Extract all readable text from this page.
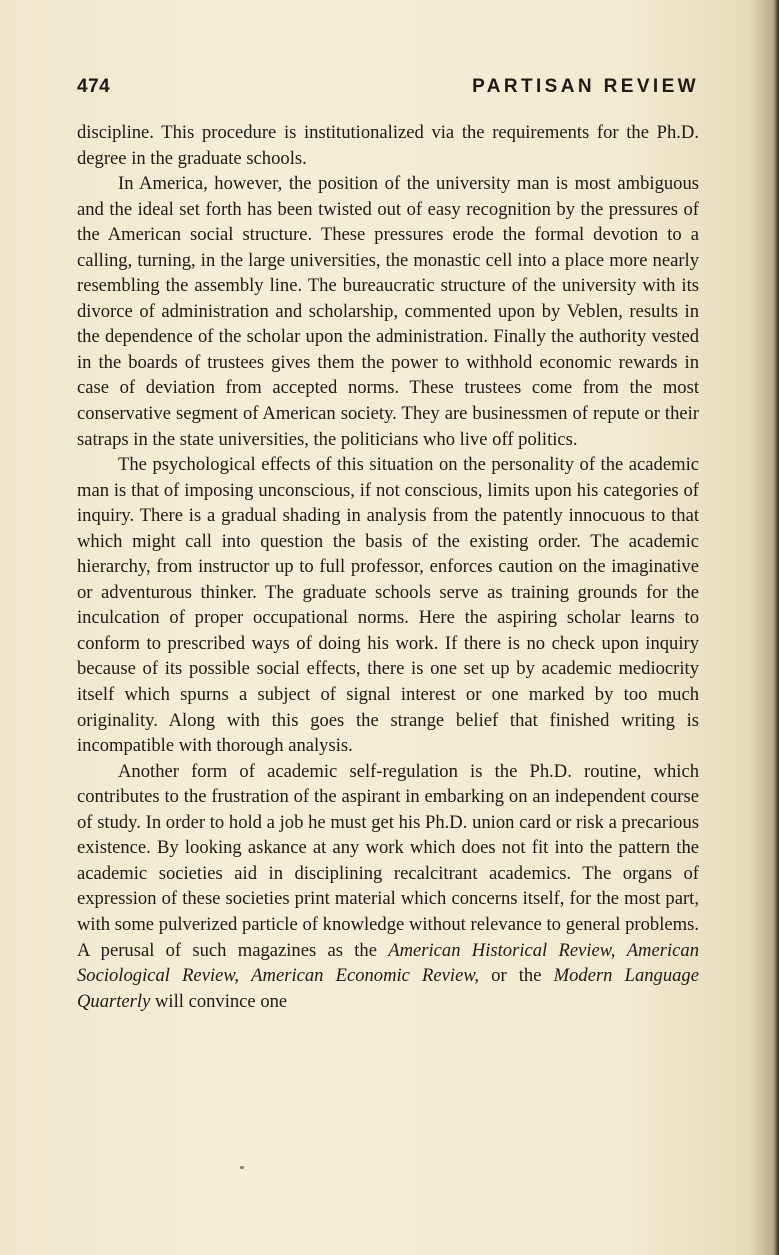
474	PARTISAN REVIEW

discipline. This procedure is institutionalized via the requirements for the Ph.D. degree in the graduate schools.

In America, however, the position of the university man is most ambiguous and the ideal set forth has been twisted out of easy recognition by the pressures of the American social structure. These pressures erode the formal devotion to a calling, turning, in the large universities, the monastic cell into a place more nearly resembling the assembly line. The bureaucratic structure of the university with its divorce of administration and scholarship, commented upon by Veblen, results in the dependence of the scholar upon the administration. Finally the authority vested in the boards of trustees gives them the power to withhold economic rewards in case of deviation from accepted norms. These trustees come from the most conservative segment of American society. They are businessmen of repute or their satraps in the state universities, the politicians who live off politics.

The psychological effects of this situation on the personality of the academic man is that of imposing unconscious, if not conscious, limits upon his categories of inquiry. There is a gradual shading in analysis from the patently innocuous to that which might call into question the basis of the existing order. The academic hierarchy, from instructor up to full professor, enforces caution on the imaginative or adventurous thinker. The graduate schools serve as training grounds for the inculcation of proper occupational norms. Here the aspiring scholar learns to conform to prescribed ways of doing his work. If there is no check upon inquiry because of its possible social effects, there is one set up by academic mediocrity itself which spurns a subject of signal interest or one marked by too much originality. Along with this goes the strange belief that finished writing is incompatible with thorough analysis.

Another form of academic self-regulation is the Ph.D. routine, which contributes to the frustration of the aspirant in embarking on an independent course of study. In order to hold a job he must get his Ph.D. union card or risk a precarious existence. By looking askance at any work which does not fit into the pattern the academic societies aid in disciplining recalcitrant academics. The organs of expression of these societies print material which concerns itself, for the most part, with some pulverized particle of knowledge without relevance to general problems. A perusal of such magazines as the American Historical Review, American Sociological Review, American Economic Review, or the Modern Language Quarterly will convince one
